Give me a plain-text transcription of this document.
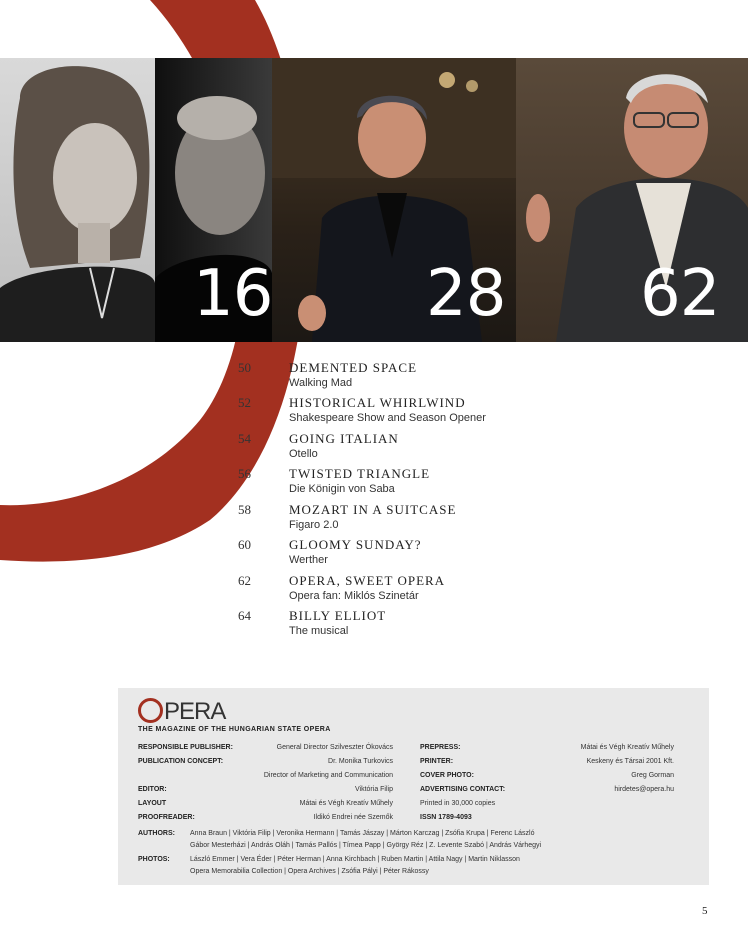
16 28 62
50	DEMENTED SPACE
Walking Mad
52	HISTORICAL WHIRLWIND
Shakespeare Show and Season Opener
54	GOING ITALIAN
Otello
56	TWISTED TRIANGLE
Die Königin von Saba
58	MOZART IN A SUITCASE
Figaro 2.0
60	GLOOMY SUNDAY?
Werther
62	OPERA, SWEET OPERA
Opera fan: Miklós Szinetár
64	BILLY ELLIOT
The musical
PERA
THE MAGAZINE OF THE HUNGARIAN STATE OPERA
RESPONSIBLE PUBLISHER:	General Director Szilveszter Ókovács
PUBLICATION CONCEPT:	Dr. Monika Turkovics
Director of Marketing and Communication
EDITOR:	Viktória Filip
LAYOUT	Mátai és Végh Kreatív Műhely
PROOFREADER:	Ildikó Endrei née Szemők
PREPRESS:	Mátai és Végh Kreatív Műhely
PRINTER:	Keskeny és Társai 2001 Kft.
COVER PHOTO:	Greg Gorman
ADVERTISING CONTACT:	hirdetes@opera.hu
Printed in 30,000 copies
ISSN 1789-4093
AUTHORS: Anna Braun | Viktória Filip | Veronika Hermann | Tamás Jászay | Márton Karczag | Zsófia Krupa | Ferenc László
Gábor Mesterházi | András Oláh | Tamás Pallós | Tímea Papp | György Réz | Z. Levente Szabó | András Várhegyi
PHOTOS:	László Emmer | Vera Éder | Péter Herman | Anna Kirchbach | Ruben Martin | Attila Nagy | Martin Niklasson
Opera Memorabilia Collection | Opera Archives | Zsófia Pályi | Péter Rákossy
5
